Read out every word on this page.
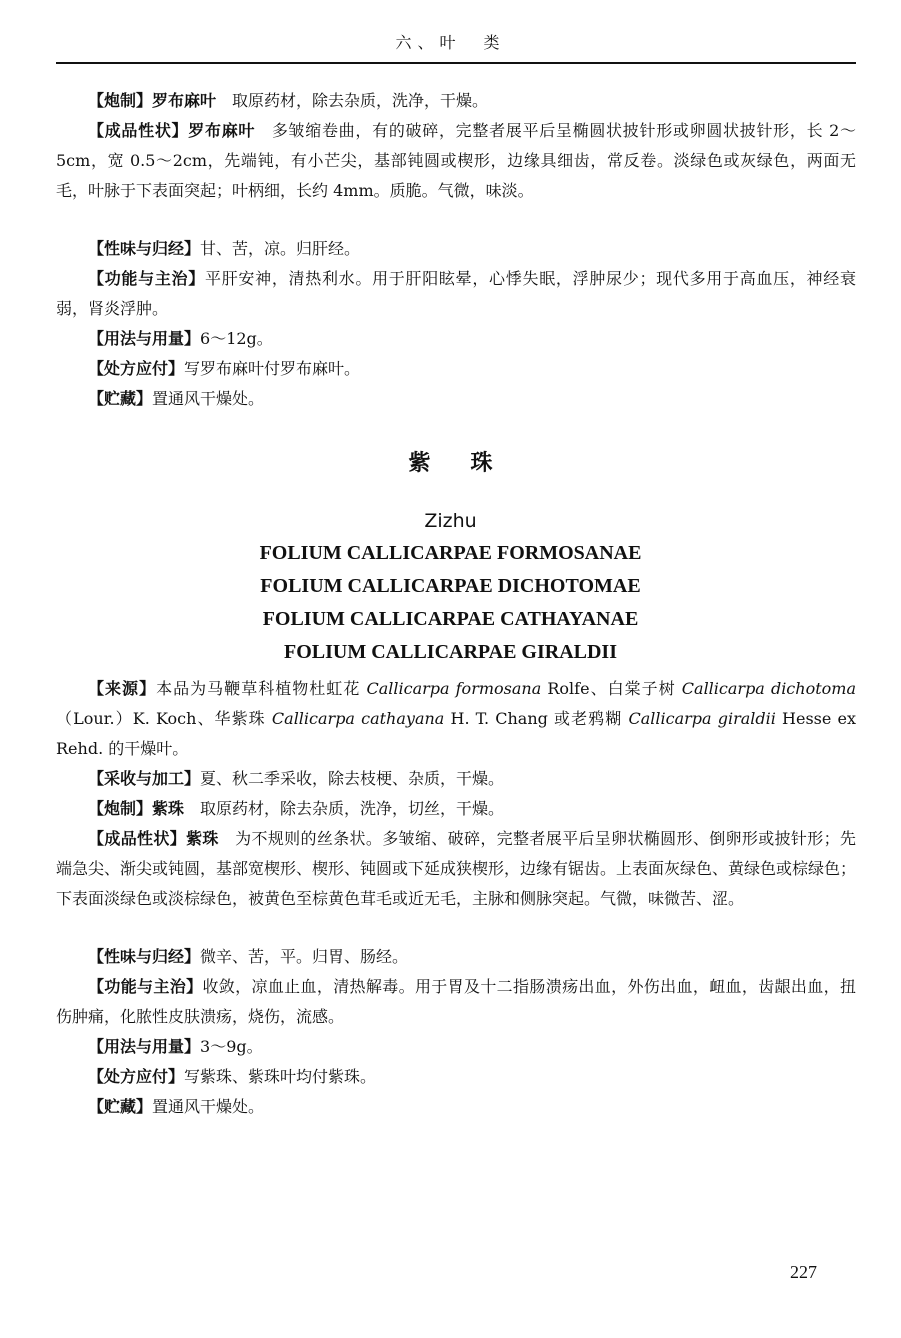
六、叶　类
【炮制】罗布麻叶　取原药材，除去杂质，洗净，干燥。
【成品性状】罗布麻叶　多皱缩卷曲，有的破碎，完整者展平后呈椭圆状披针形或卵圆状披针形，长 2～5cm，宽 0.5～2cm，先端钝，有小芒尖，基部钝圆或楔形，边缘具细齿，常反卷。淡绿色或灰绿色，两面无毛，叶脉于下表面突起；叶柄细，长约 4mm。质脆。气微，味淡。
【性味与归经】甘、苦，凉。归肝经。
【功能与主治】平肝安神，清热利水。用于肝阳眩晕，心悸失眠，浮肿尿少；现代多用于高血压，神经衰弱，肾炎浮肿。
【用法与用量】6～12g。
【处方应付】写罗布麻叶付罗布麻叶。
【贮藏】置通风干燥处。
紫珠
Zizhu
FOLIUM CALLICARPAE FORMOSANAE
FOLIUM CALLICARPAE DICHOTOMAE
FOLIUM CALLICARPAE CATHAYANAE
FOLIUM CALLICARPAE GIRALDII
【来源】本品为马鞭草科植物杜虹花 Callicarpa formosana Rolfe、白棠子树 Callicarpa dichotoma（Lour.）K. Koch、华紫珠 Callicarpa cathayana H. T. Chang 或老鸦糊 Callicarpa giraldii Hesse ex Rehd. 的干燥叶。
【采收与加工】夏、秋二季采收，除去枝梗、杂质，干燥。
【炮制】紫珠　取原药材，除去杂质，洗净，切丝，干燥。
【成品性状】紫珠　为不规则的丝条状。多皱缩、破碎，完整者展平后呈卵状椭圆形、倒卵形或披针形；先端急尖、渐尖或钝圆，基部宽楔形、楔形、钝圆或下延成狭楔形，边缘有锯齿。上表面灰绿色、黄绿色或棕绿色；下表面淡绿色或淡棕绿色，被黄色至棕黄色茸毛或近无毛，主脉和侧脉突起。气微，味微苦、涩。
【性味与归经】微辛、苦，平。归胃、肠经。
【功能与主治】收敛，凉血止血，清热解毒。用于胃及十二指肠溃疡出血，外伤出血，衄血，齿龈出血，扭伤肿痛，化脓性皮肤溃疡，烧伤，流感。
【用法与用量】3～9g。
【处方应付】写紫珠、紫珠叶均付紫珠。
【贮藏】置通风干燥处。
227
